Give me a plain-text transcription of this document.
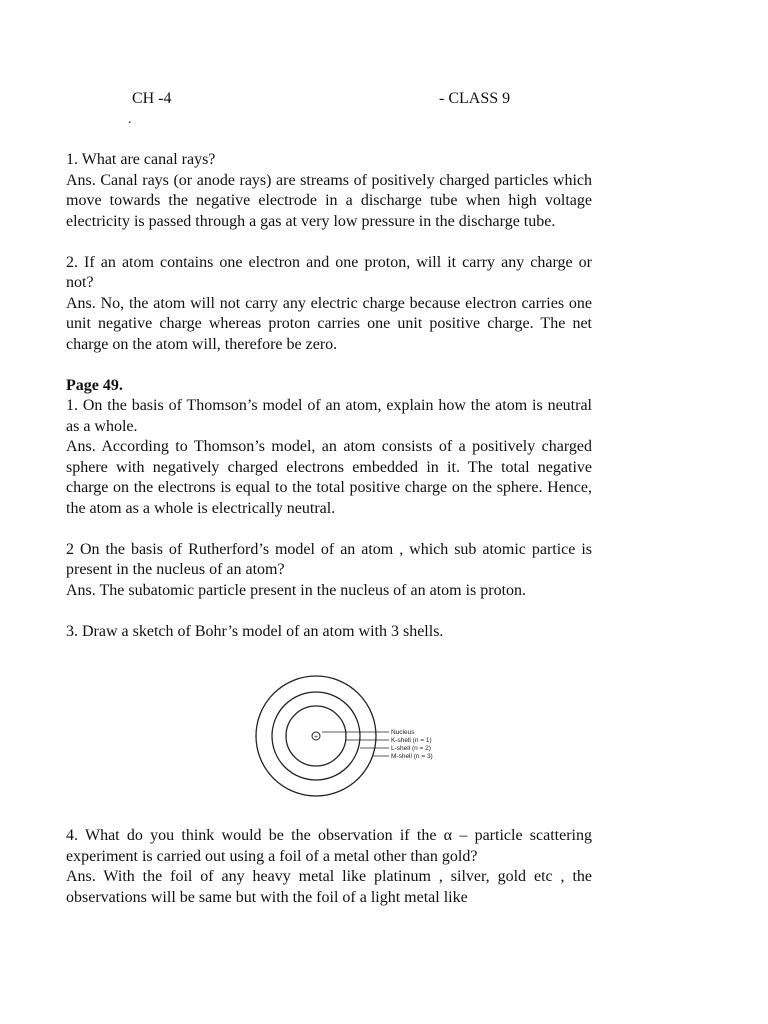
CH -4	- CLASS 9
.

1. What are canal rays?

Ans. Canal rays (or anode rays) are streams of positively charged particles which move towards the negative electrode in a discharge tube when high voltage electricity is passed through a gas at very low pressure in the discharge tube.

2. If an atom contains one electron and one proton, will it carry any charge or not?

Ans. No, the atom will not carry any electric charge because electron carries one unit negative charge whereas proton carries one unit positive charge. The net charge on the atom will, therefore be zero.

Page 49.

1. On the basis of Thomson’s model of an atom, explain how the atom is neutral as a whole.

Ans. According to Thomson’s model, an atom consists of a positively charged sphere with negatively charged electrons embedded in it. The total negative charge on the electrons is equal to the total positive charge on the sphere. Hence, the atom as a whole is electrically neutral.

2 On the basis of Rutherford’s model of an atom , which sub atomic partice is present in the nucleus of an atom?

Ans. The subatomic particle present in the nucleus of an atom is proton.

3. Draw a sketch of Bohr’s model of an atom with 3 shells.

+
Nucleus
K-shell (n = 1)
L-shell (n = 2)
M-shell (n = 3)

4. What do you think would be the observation if the α – particle scattering experiment is carried out using a foil of a metal other than gold?

Ans. With the foil of any heavy metal like platinum , silver, gold etc , the observations will be same but with the foil of a light metal like
